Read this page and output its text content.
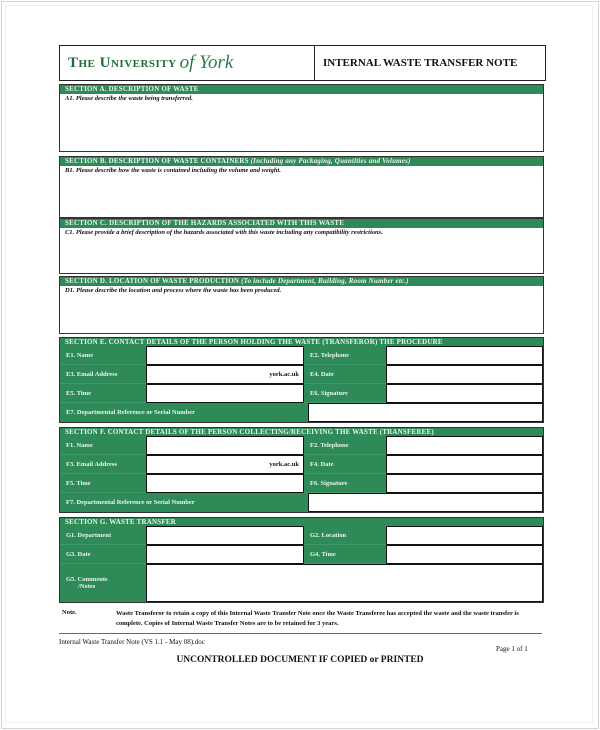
The University of York	INTERNAL WASTE TRANSFER NOTE
SECTION A. DESCRIPTION OF WASTE
A1. Please describe the waste being transferred.
SECTION B. DESCRIPTION OF WASTE CONTAINERS (Including any Packaging, Quantities and Volumes)
B1. Please describe how the waste is contained including the volume and weight.
SECTION C. DESCRIPTION OF THE HAZARDS ASSOCIATED WITH THIS WASTE
C1. Please provide a brief description of the hazards associated with this waste including any compatibility restrictions.
SECTION D. LOCATION OF WASTE PRODUCTION (To include Department, Building, Room Number etc.)
D1. Please describe the location and process where the waste has been produced.
SECTION E. CONTACT DETAILS OF THE PERSON HOLDING THE WASTE (TRANSFEROR) THE PROCEDURE
E1. Name	E2. Telephone
E3. Email Address	york.ac.uk	E4. Date
E5. Time	E6. Signature
E7. Departmental Reference or Serial Number
SECTION F. CONTACT DETAILS OF THE PERSON COLLECTING/RECEIVING THE WASTE (TRANSFEREE)
F1. Name	F2. Telephone
F3. Email Address	york.ac.uk	F4. Date
F5. Time	F6. Signature
F7. Departmental Reference or Serial Number
SECTION G. WASTE TRANSFER
G1. Department	G2. Location
G3. Date	G4. Time
G5. Comments
/Notes
Note.	Waste Transferor to retain a copy of this Internal Waste Transfer Note once the Waste Transferee has accepted the waste and the waste transfer is complete. Copies of Internal Waste Transfer Notes are to be retained for 3 years.
Internal Waste Transfer Note (VS 1.1 - May 08).doc
Page 1 of 1
UNCONTROLLED DOCUMENT IF COPIED or PRINTED
